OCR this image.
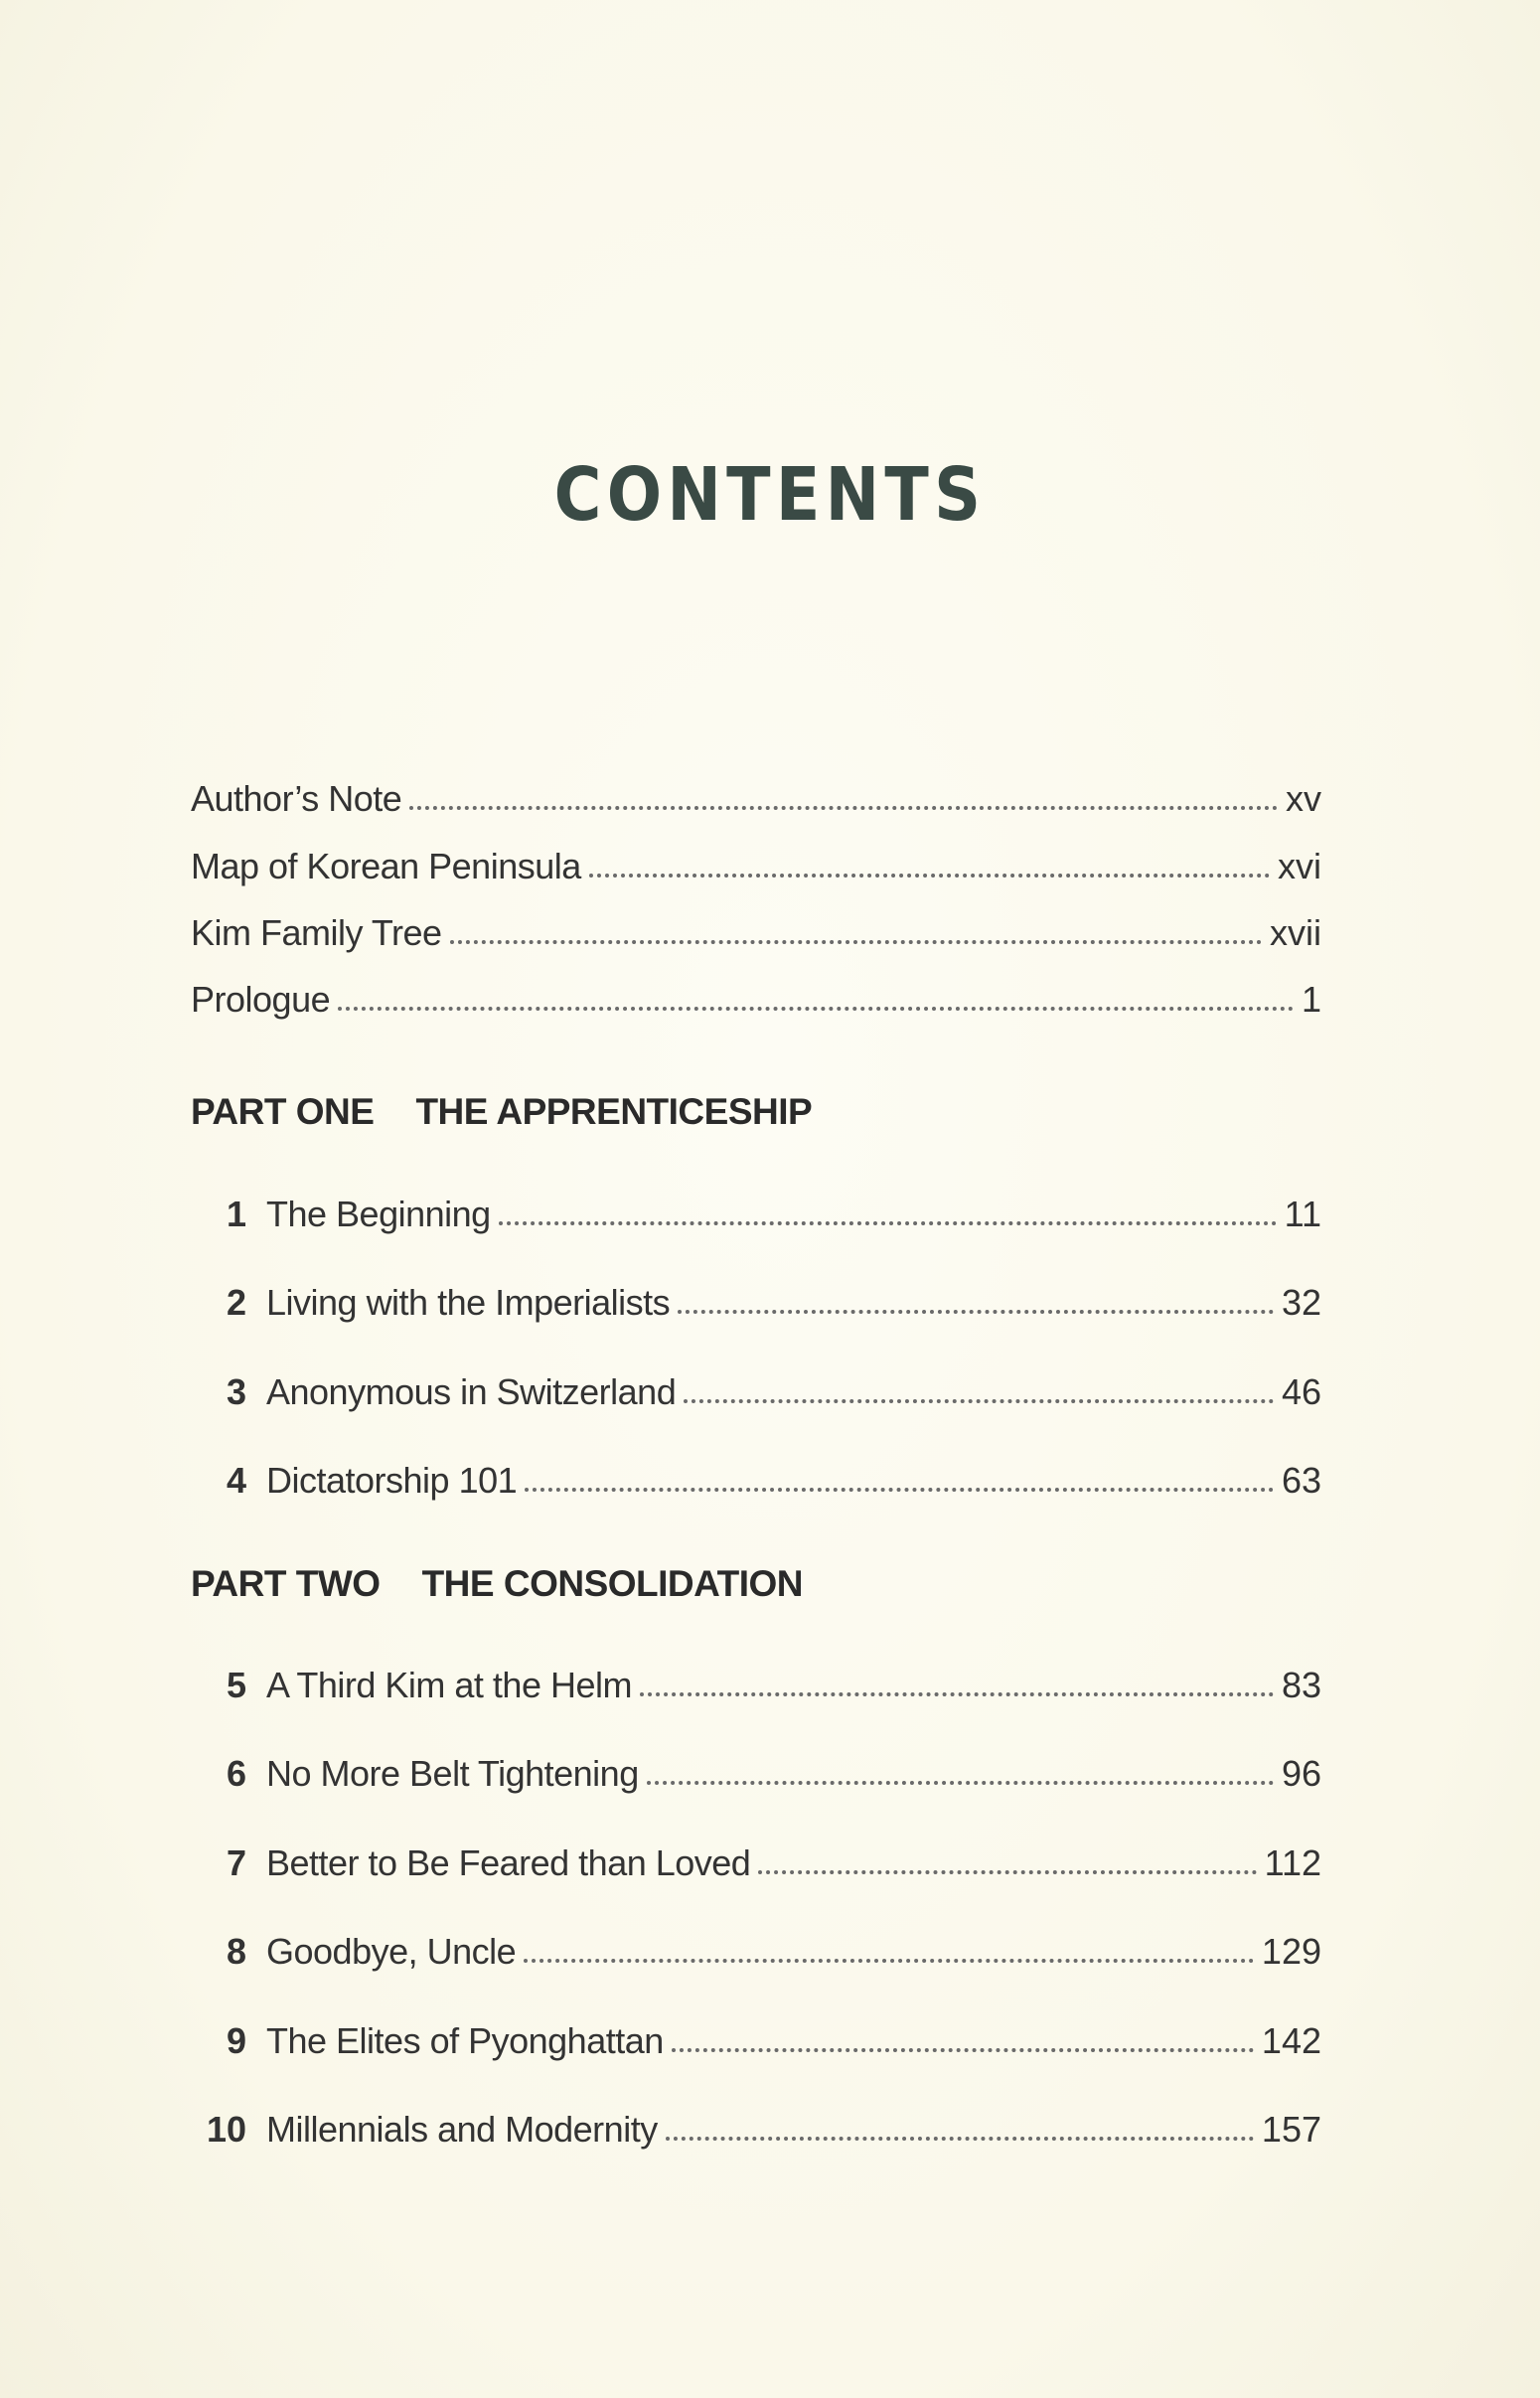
CONTENTS
Author’s Note	xv
Map of Korean Peninsula	xvi
Kim Family Tree	xvii
Prologue	1
PART ONE THE APPRENTICESHIP
1 The Beginning	11
2 Living with the Imperialists	32
3 Anonymous in Switzerland	46
4 Dictatorship 101	63
PART TWO THE CONSOLIDATION
5 A Third Kim at the Helm	83
6 No More Belt Tightening	96
7 Better to Be Feared than Loved	112
8 Goodbye, Uncle	129
9 The Elites of Pyonghattan	142
10 Millennials and Modernity	157
